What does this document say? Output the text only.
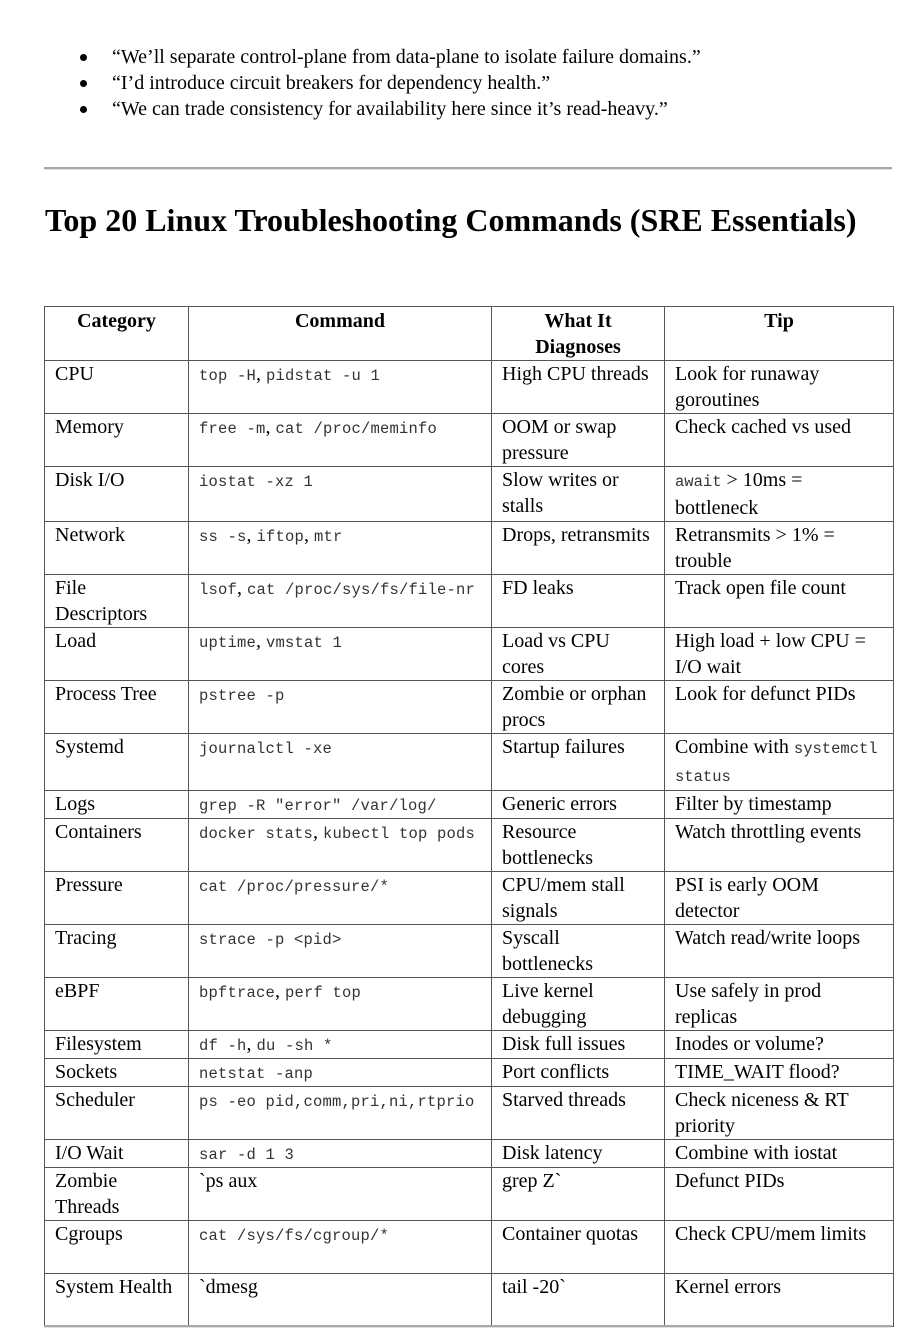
“We’ll separate control-plane from data-plane to isolate failure domains.”
“I’d introduce circuit breakers for dependency health.”
“We can trade consistency for availability here since it’s read-heavy.”
Top 20 Linux Troubleshooting Commands (SRE Essentials)
Category	Command	What It Diagnoses	Tip
CPU	top -H, pidstat -u 1	High CPU threads	Look for runaway goroutines
Memory	free -m, cat /proc/meminfo	OOM or swap pressure	Check cached vs used
Disk I/O	iostat -xz 1	Slow writes or stalls	await > 10ms = bottleneck
Network	ss -s, iftop, mtr	Drops, retransmits	Retransmits > 1% = trouble
File Descriptors	lsof, cat /proc/sys/fs/file-nr	FD leaks	Track open file count
Load	uptime, vmstat 1	Load vs CPU cores	High load + low CPU = I/O wait
Process Tree	pstree -p	Zombie or orphan procs	Look for defunct PIDs
Systemd	journalctl -xe	Startup failures	Combine with systemctl status
Logs	grep -R "error" /var/log/	Generic errors	Filter by timestamp
Containers	docker stats, kubectl top pods	Resource bottlenecks	Watch throttling events
Pressure	cat /proc/pressure/*	CPU/mem stall signals	PSI is early OOM detector
Tracing	strace -p <pid>	Syscall bottlenecks	Watch read/write loops
eBPF	bpftrace, perf top	Live kernel debugging	Use safely in prod replicas
Filesystem	df -h, du -sh *	Disk full issues	Inodes or volume?
Sockets	netstat -anp	Port conflicts	TIME_WAIT flood?
Scheduler	ps -eo pid,comm,pri,ni,rtprio	Starved threads	Check niceness & RT priority
I/O Wait	sar -d 1 3	Disk latency	Combine with iostat
Zombie Threads	`ps aux	grep Z`	Defunct PIDs
Cgroups	cat /sys/fs/cgroup/*	Container quotas	Check CPU/mem limits
System Health	`dmesg	tail -20`	Kernel errors
